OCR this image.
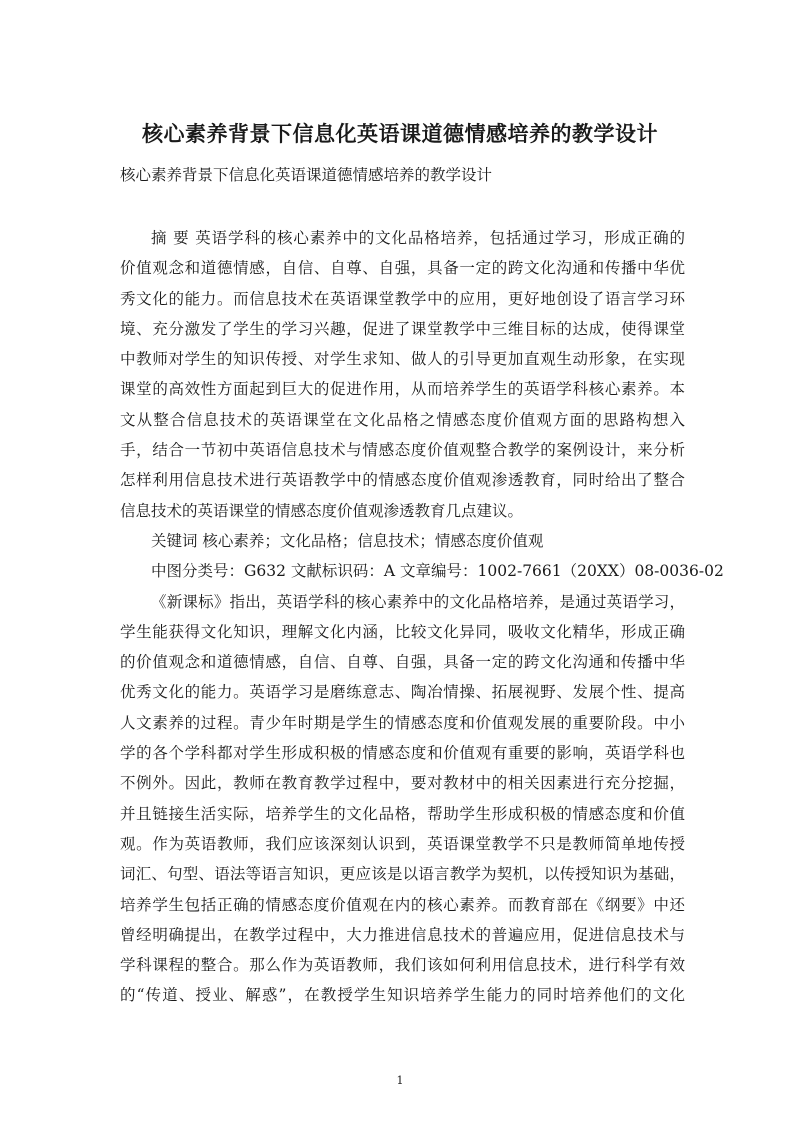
核心素养背景下信息化英语课道德情感培养的教学设计

核心素养背景下信息化英语课道德情感培养的教学设计

摘 要 英语学科的核心素养中的文化品格培养，包括通过学习，形成正确的
价值观念和道德情感，自信、自尊、自强，具备一定的跨文化沟通和传播中华优
秀文化的能力。而信息技术在英语课堂教学中的应用，更好地创设了语言学习环
境、充分激发了学生的学习兴趣，促进了课堂教学中三维目标的达成，使得课堂
中教师对学生的知识传授、对学生求知、做人的引导更加直观生动形象，在实现
课堂的高效性方面起到巨大的促进作用，从而培养学生的英语学科核心素养。本
文从整合信息技术的英语课堂在文化品格之情感态度价值观方面的思路构想入
手，结合一节初中英语信息技术与情感态度价值观整合教学的案例设计，来分析
怎样利用信息技术进行英语教学中的情感态度价值观渗透教育，同时给出了整合
信息技术的英语课堂的情感态度价值观渗透教育几点建议。
关键词 核心素养；文化品格；信息技术；情感态度价值观
中图分类号：G632 文献标识码：A 文章编号：1002-7661（20XX）08-0036-02
《新课标》指出，英语学科的核心素养中的文化品格培养，是通过英语学习，
学生能获得文化知识，理解文化内涵，比较文化异同，吸收文化精华，形成正确
的价值观念和道德情感，自信、自尊、自强，具备一定的跨文化沟通和传播中华
优秀文化的能力。英语学习是磨练意志、陶冶情操、拓展视野、发展个性、提高
人文素养的过程。青少年时期是学生的情感态度和价值观发展的重要阶段。中小
学的各个学科都对学生形成积极的情感态度和价值观有重要的影响，英语学科也
不例外。因此，教师在教育教学过程中，要对教材中的相关因素进行充分挖掘，
并且链接生活实际，培养学生的文化品格，帮助学生形成积极的情感态度和价值
观。作为英语教师，我们应该深刻认识到，英语课堂教学不只是教师简单地传授
词汇、句型、语法等语言知识，更应该是以语言教学为契机，以传授知识为基础，
培养学生包括正确的情感态度价值观在内的核心素养。而教育部在《纲要》中还
曾经明确提出，在教学过程中，大力推进信息技术的普遍应用，促进信息技术与
学科课程的整合。那么作为英语教师，我们该如何利用信息技术，进行科学有效
的“传道、授业、解惑”，在教授学生知识培养学生能力的同时培养他们的文化

1
